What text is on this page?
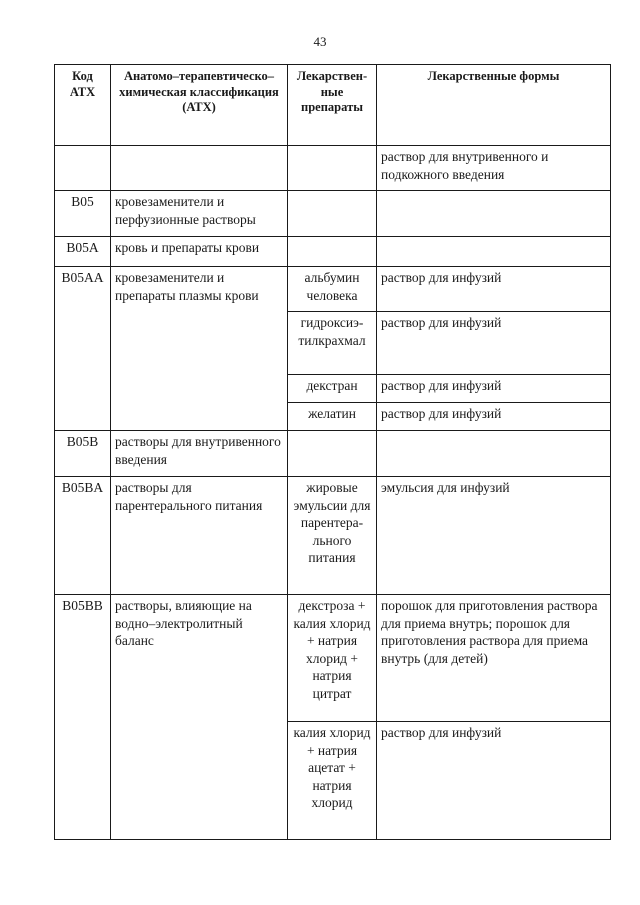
43
Код АТХ	Анатомо–терапевтическо–химическая классификация (АТХ)	Лекарствен-ные препараты	Лекарственные формы
			раствор для внутривенного и подкожного введения
B05	кровезаменители и перфузионные растворы		
B05A	кровь и препараты крови		
B05AA	кровезаменители и препараты плазмы крови	альбумин человека	раствор для инфузий
		гидроксиэ-тилкрахмал	раствор для инфузий
		декстран	раствор для инфузий
		желатин	раствор для инфузий
B05B	растворы для внутривенного введения		
B05BA	растворы для парентерального питания	жировые эмульсии для парентера-льного питания	эмульсия для инфузий
B05BB	растворы, влияющие на водно–электролитный баланс	декстроза + калия хлорид + натрия хлорид + натрия цитрат	порошок для приготовления раствора для приема внутрь; порошок для приготовления раствора для приема внутрь (для детей)
		калия хлорид + натрия ацетат + натрия хлорид	раствор для инфузий
